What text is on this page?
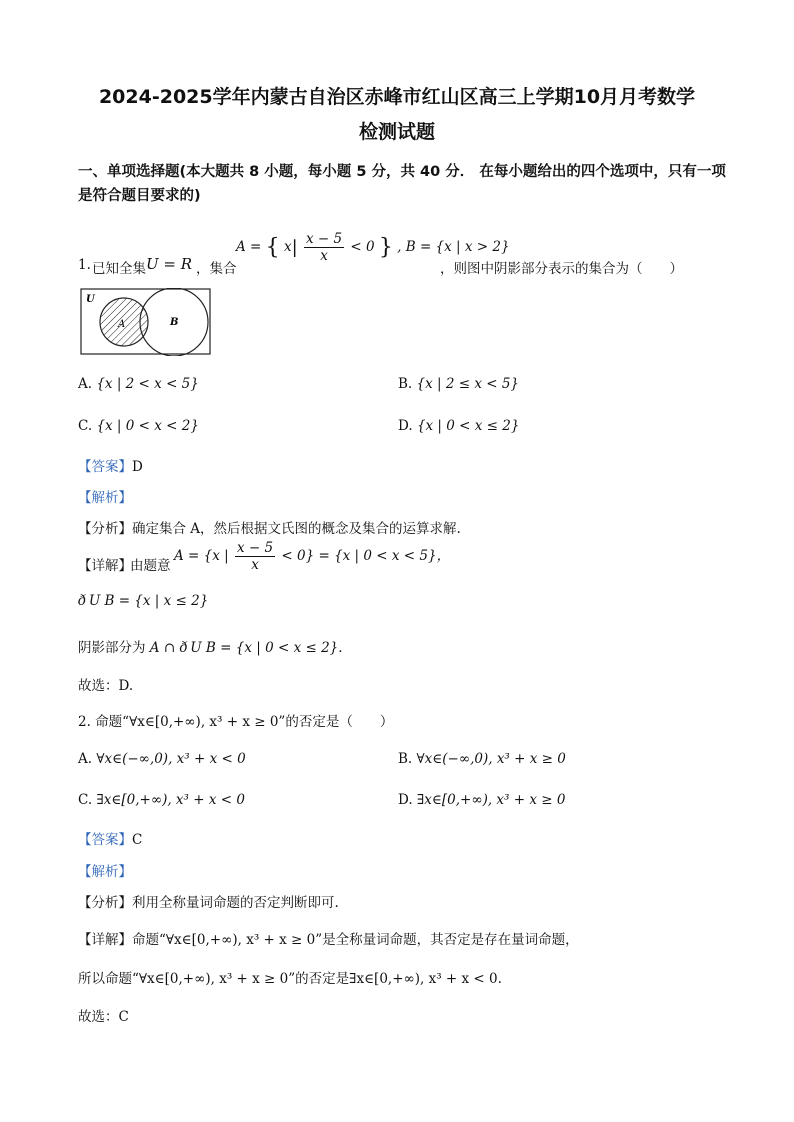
2024-2025学年内蒙古自治区赤峰市红山区高三上学期10月月考数学
检测试题
一、单项选择题(本大题共 8 小题，每小题 5 分，共 40 分． 在每小题给出的四个选项中，只有一项是符合题目要求的)
1. 已知全集 U = R ，集合
A = { $x| \frac{x - 5}{x} < 0$ } , B = {x | x > 2}
，则图中阴影部分表示的集合为（　　）
U
A	B
A. {x | 2 < x < 5}	B. {x | 2 ≤ x < 5}
C. {x | 0 < x < 2}	D. {x | 0 < x ≤ 2}
【答案】D
【解析】
【分析】确定集合 A，然后根据文氏图的概念及集合的运算求解.
【详解】
由题意
A = {x | $\frac{x - 5}{x} < 0\} = \{x$ | 0 < x < 5}，
ð U B = {x | x ≤ 2}
阴影部分为 A ∩ ð U B = {x | 0 < x ≤ 2}.
故选：D.
2. 命题“∀x∈[0,+∞), x³ + x ≥ 0”的否定是（　　）
A. ∀x∈(−∞,0), x³ + x < 0	B. ∀x∈(−∞,0), x³ + x ≥ 0
C. ∃x∈[0,+∞), x³ + x < 0	D. ∃x∈[0,+∞), x³ + x ≥ 0
【答案】C
【解析】
【分析】利用全称量词命题的否定判断即可.
【详解】命题“∀x∈[0,+∞), x³ + x ≥ 0”是全称量词命题，其否定是存在量词命题，
所以命题“∀x∈[0,+∞), x³ + x ≥ 0”的否定是∃x∈[0,+∞), x³ + x < 0.
故选：C
